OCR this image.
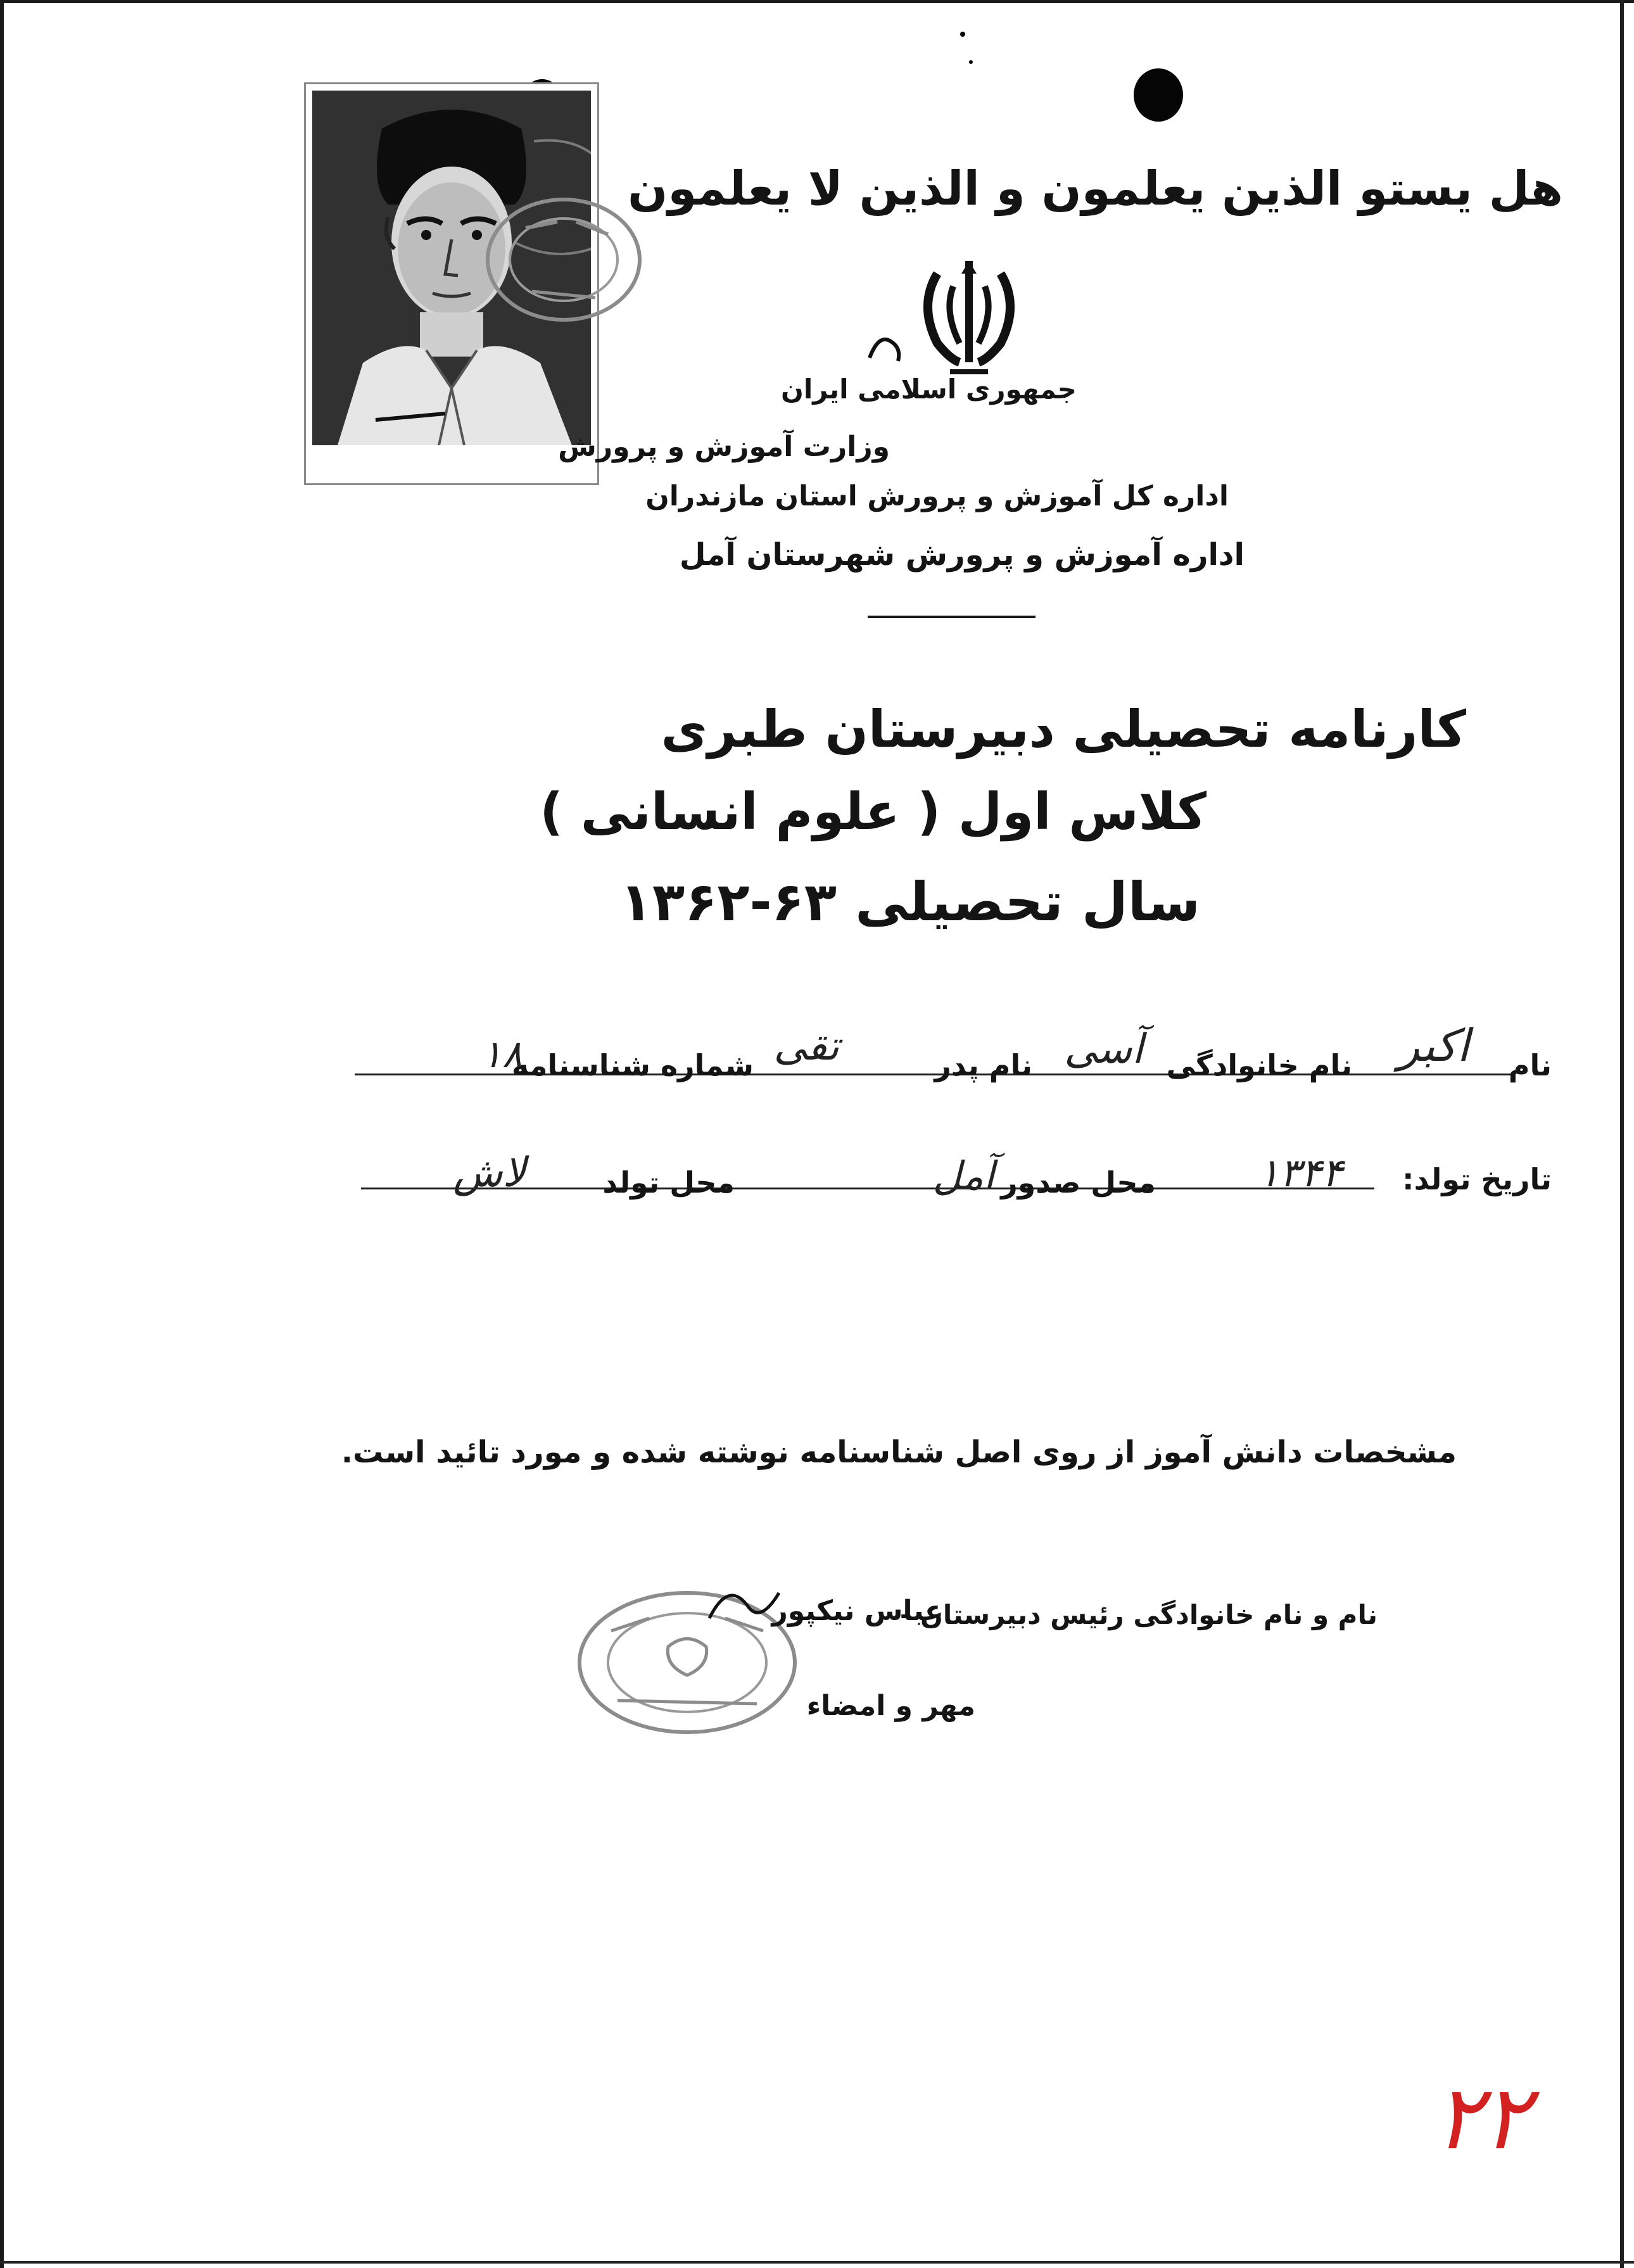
هل یستو الذین یعلمون و الذین لا یعلمون
جمهوری اسلامی ایران
وزارت آموزش و پرورش
اداره کل آموزش و پرورش استان مازندران
اداره آموزش و پرورش شهرستان آمل
کارنامه تحصیلی دبیرستان طبری
کلاس اول ( علوم انسانی )
سال تحصیلی ۶۳-۱۳۶۲
نام
اکبر
نام خانوادگی
آسی
نام پدر
تقی
شماره شناسنامه
۱۸
تاریخ تولد:
۱۳۴۴
محل صدور
آمل
محل تولد
لاش
مشخصات دانش آموز از روی اصل شناسنامه نوشته شده و مورد تائید است.
نام و نام خانوادگی رئیس دبیرستان -
عباس نیکپور
مهر و امضاء
۲۲
